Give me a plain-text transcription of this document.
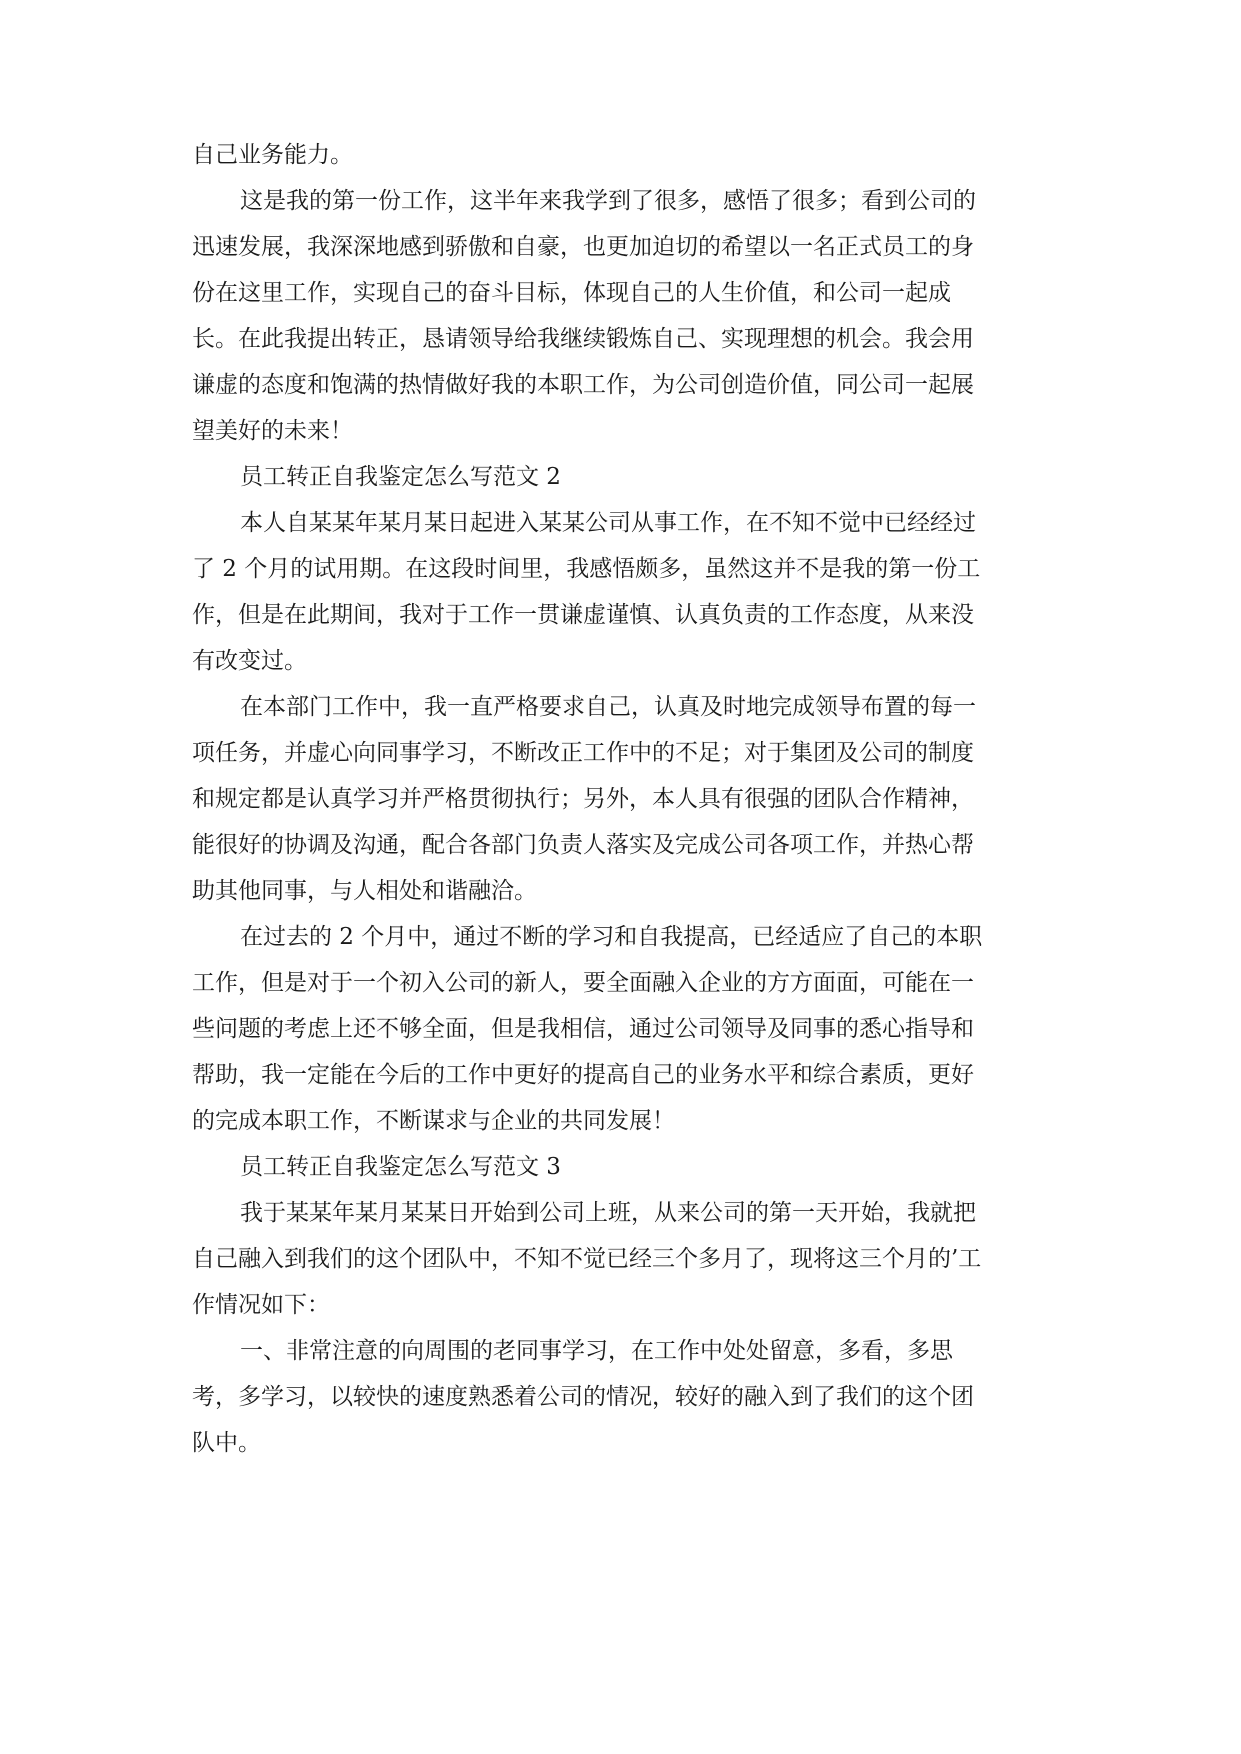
自己业务能力。

这是我的第一份工作，这半年来我学到了很多，感悟了很多；看到公司的

迅速发展，我深深地感到骄傲和自豪，也更加迫切的希望以一名正式员工的身

份在这里工作，实现自己的奋斗目标，体现自己的人生价值，和公司一起成

长。在此我提出转正，恳请领导给我继续锻炼自己、实现理想的机会。我会用

谦虚的态度和饱满的热情做好我的本职工作，为公司创造价值，同公司一起展

望美好的未来！

员工转正自我鉴定怎么写范文 2

本人自某某年某月某日起进入某某公司从事工作，在不知不觉中已经经过

了 2 个月的试用期。在这段时间里，我感悟颇多，虽然这并不是我的第一份工

作，但是在此期间，我对于工作一贯谦虚谨慎、认真负责的工作态度，从来没

有改变过。

在本部门工作中，我一直严格要求自己，认真及时地完成领导布置的每一

项任务，并虚心向同事学习，不断改正工作中的不足；对于集团及公司的制度

和规定都是认真学习并严格贯彻执行；另外，本人具有很强的团队合作精神，

能很好的协调及沟通，配合各部门负责人落实及完成公司各项工作，并热心帮

助其他同事，与人相处和谐融洽。

在过去的 2 个月中，通过不断的学习和自我提高，已经适应了自己的本职

工作，但是对于一个初入公司的新人，要全面融入企业的方方面面，可能在一

些问题的考虑上还不够全面，但是我相信，通过公司领导及同事的悉心指导和

帮助，我一定能在今后的工作中更好的提高自己的业务水平和综合素质，更好

的完成本职工作，不断谋求与企业的共同发展！

员工转正自我鉴定怎么写范文 3

我于某某年某月某某日开始到公司上班，从来公司的第一天开始，我就把

自己融入到我们的这个团队中，不知不觉已经三个多月了，现将这三个月的’工

作情况如下：

一、非常注意的向周围的老同事学习，在工作中处处留意，多看，多思

考，多学习，以较快的速度熟悉着公司的情况，较好的融入到了我们的这个团

队中。
